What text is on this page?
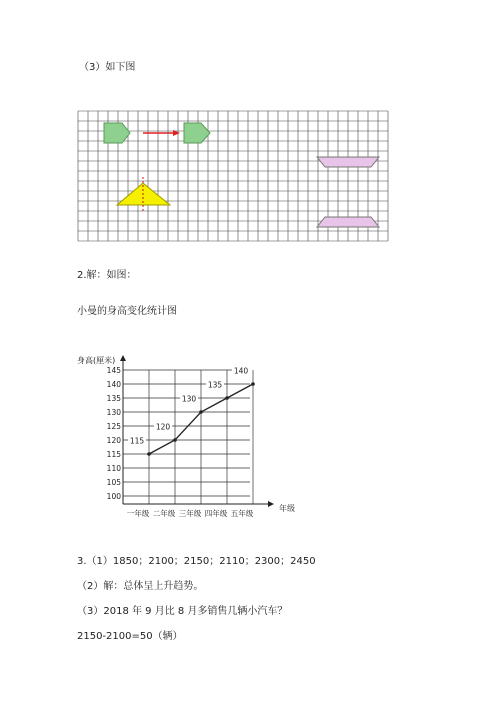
（3）如下图
2.解：如图：
小曼的身高变化统计图
145
140
135
130
125
120
115
110
105
100
一年级 二年级 三年级 四年级 五年级
115
120
130
135
140
身高(厘米)
年级
3.（1）1850；2100；2150；2110；2300；2450
（2）解：总体呈上升趋势。
（3）2018 年 9 月比 8 月多销售几辆小汽车？
2150-2100=50（辆）
